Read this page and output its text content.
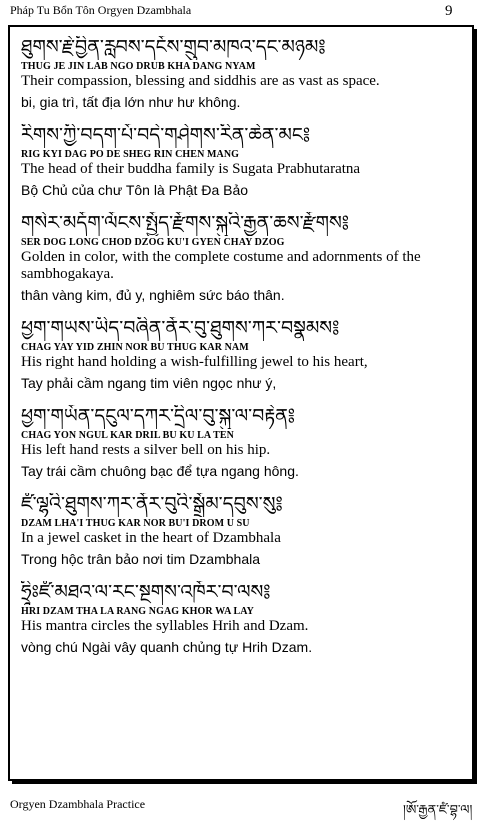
Pháp Tu Bổn Tôn Orgyen Dzambhala	9
ཐུགས་རྗེ་བྱིན་རླབས་དངོས་གྲུབ་མཁའ་དང་མཉམ༔
THUG JE JIN LAB NGO DRUB KHA DANG NYAM
Their compassion, blessing and siddhis are as vast as space.
bi, gia trì, tất địa lớn như hư không.
རིགས་ཀྱི་བདག་པོ་བདེ་གཤེགས་རིན་ཆེན་མང༔
RIG KYI DAG PO DE SHEG RIN CHEN MANG
The head of their buddha family is Sugata Prabhutaratna
Bộ Chủ của chư Tôn là Phật Đa Bảo
གསེར་མདོག་ལོངས་སྤྱོད་རྫོགས་སྐུའི་རྒྱན་ཆས་རྫོགས༔
SER DOG LONG CHOD DZOG KU'I GYEN CHAY DZOG
Golden in color, with the complete costume and adornments of the sambhogakaya.
thân vàng kim, đủ y, nghiêm sức báo thân.
ཕྱག་གཡས་ཡིད་བཞིན་ནོར་བུ་ཐུགས་ཀར་བསྣམས༔
CHAG YAY YID ZHIN NOR BU THUG KAR NAM
His right hand holding a wish-fulfilling jewel to his heart,
Tay phải cầm ngang tim viên ngọc như ý,
ཕྱག་གཡོན་དངུལ་དཀར་དྲིལ་བུ་སྐུ་ལ་བརྟེན༔
CHAG YON NGUL KAR DRIL BU KU LA TEN
His left hand rests a silver bell on his hip.
Tay trái cầm chuông bạc để tựa ngang hông.
ཛཾ་ལྷའི་ཐུགས་ཀར་ནོར་བུའི་སྒྲོམ་དབུས་སུ༔
DZAM LHA'I THUG KAR NOR BU'I DROM U SU
In a jewel casket in the heart of Dzambhala
Trong hộc trân bảo nơi tim Dzambhala
ཧྲཱིཿཛཾ་མཐའ་ལ་རང་སྔགས་འཁོར་བ་ལས༔
HRI DZAM THA LA RANG NGAG KHOR WA LAY
His mantra circles the syllables Hrih and Dzam.
vòng chú Ngài vây quanh chủng tự Hrih Dzam.
Orgyen Dzambhala Practice	།ཨོ་རྒྱན་ཛཾ་བྷ་ལ།
